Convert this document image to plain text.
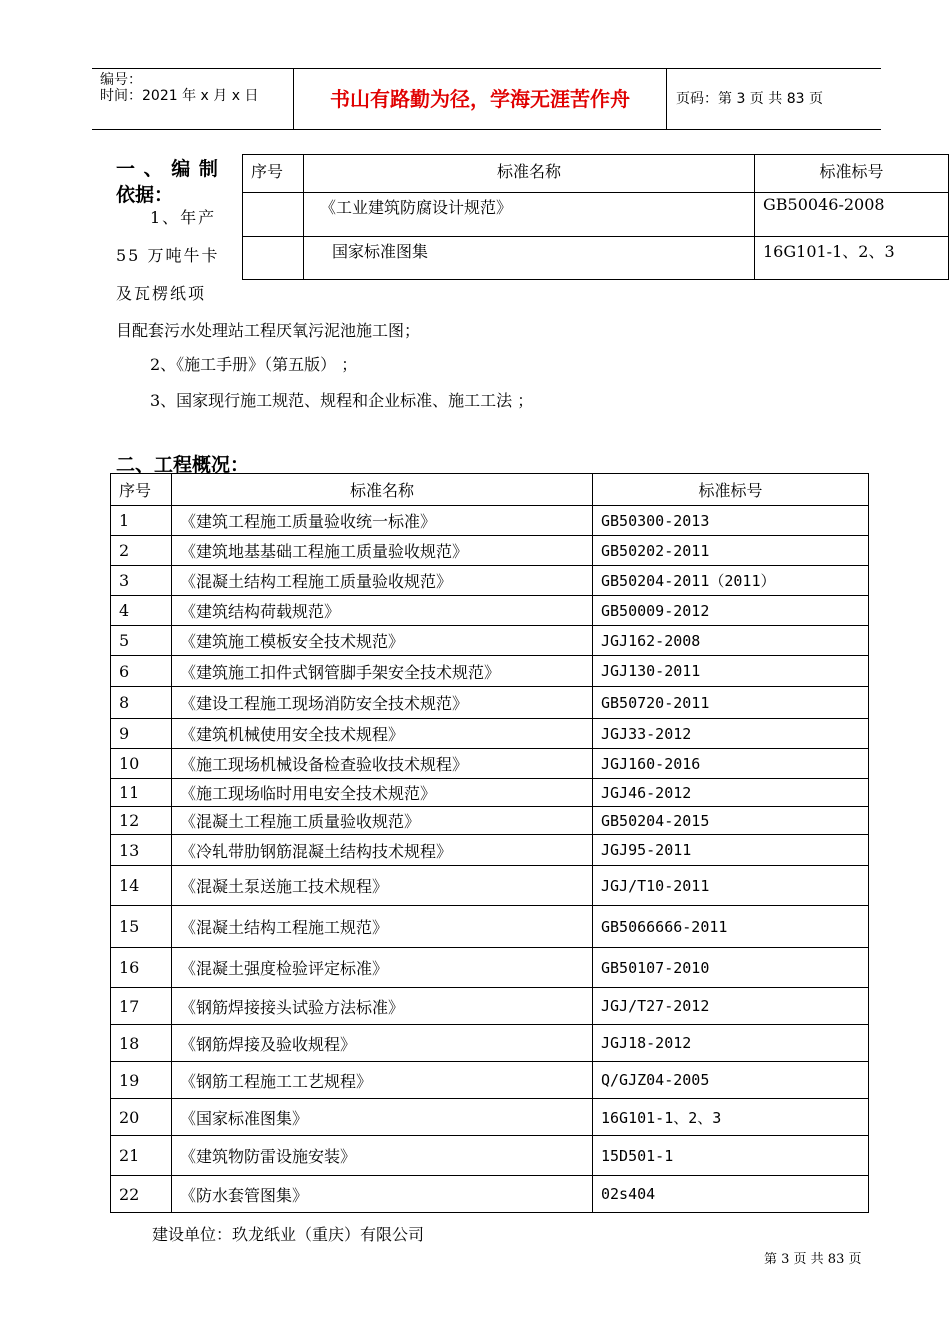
编号：
时间：2021 年 x 月 x 日	书山有路勤为径，学海无涯苦作舟	页码：第 3 页 共 83 页
一 、 编 制
依据：
1、年产
55 万吨牛卡
及瓦楞纸项
目配套污水处理站工程厌氧污泥池施工图；
2、《施工手册》（第五版） ；
3、国家现行施工规范、规程和企业标准、施工工法 ；
序号	标准名称	标准标号
	《工业建筑防腐设计规范》	GB50046-2008
	国家标准图集	16G101-1、2、3
二、工程概况：
序号	标准名称	标准标号
1	《建筑工程施工质量验收统一标准》	GB50300-2013
2	《建筑地基基础工程施工质量验收规范》	GB50202-2011
3	《混凝土结构工程施工质量验收规范》	GB50204-2011（2011）
4	《建筑结构荷载规范》	GB50009-2012
5	《建筑施工模板安全技术规范》	JGJ162-2008
6	《建筑施工扣件式钢管脚手架安全技术规范》	JGJ130-2011
8	《建设工程施工现场消防安全技术规范》	GB50720-2011
9	《建筑机械使用安全技术规程》	JGJ33-2012
10	《施工现场机械设备检查验收技术规程》	JGJ160-2016
11	《施工现场临时用电安全技术规范》	JGJ46-2012
12	《混凝土工程施工质量验收规范》	GB50204-2015
13	《冷轧带肋钢筋混凝土结构技术规程》	JGJ95-2011
14	《混凝土泵送施工技术规程》	JGJ/T10-2011
15	《混凝土结构工程施工规范》	GB5066666-2011
16	《混凝土强度检验评定标准》	GB50107-2010
17	《钢筋焊接接头试验方法标准》	JGJ/T27-2012
18	《钢筋焊接及验收规程》	JGJ18-2012
19	《钢筋工程施工工艺规程》	Q/GJZ04-2005
20	《国家标准图集》	16G101-1、2、3
21	《建筑物防雷设施安装》	15D501-1
22	《防水套管图集》	02s404
建设单位：玖龙纸业（重庆）有限公司
第 3 页 共 83 页
